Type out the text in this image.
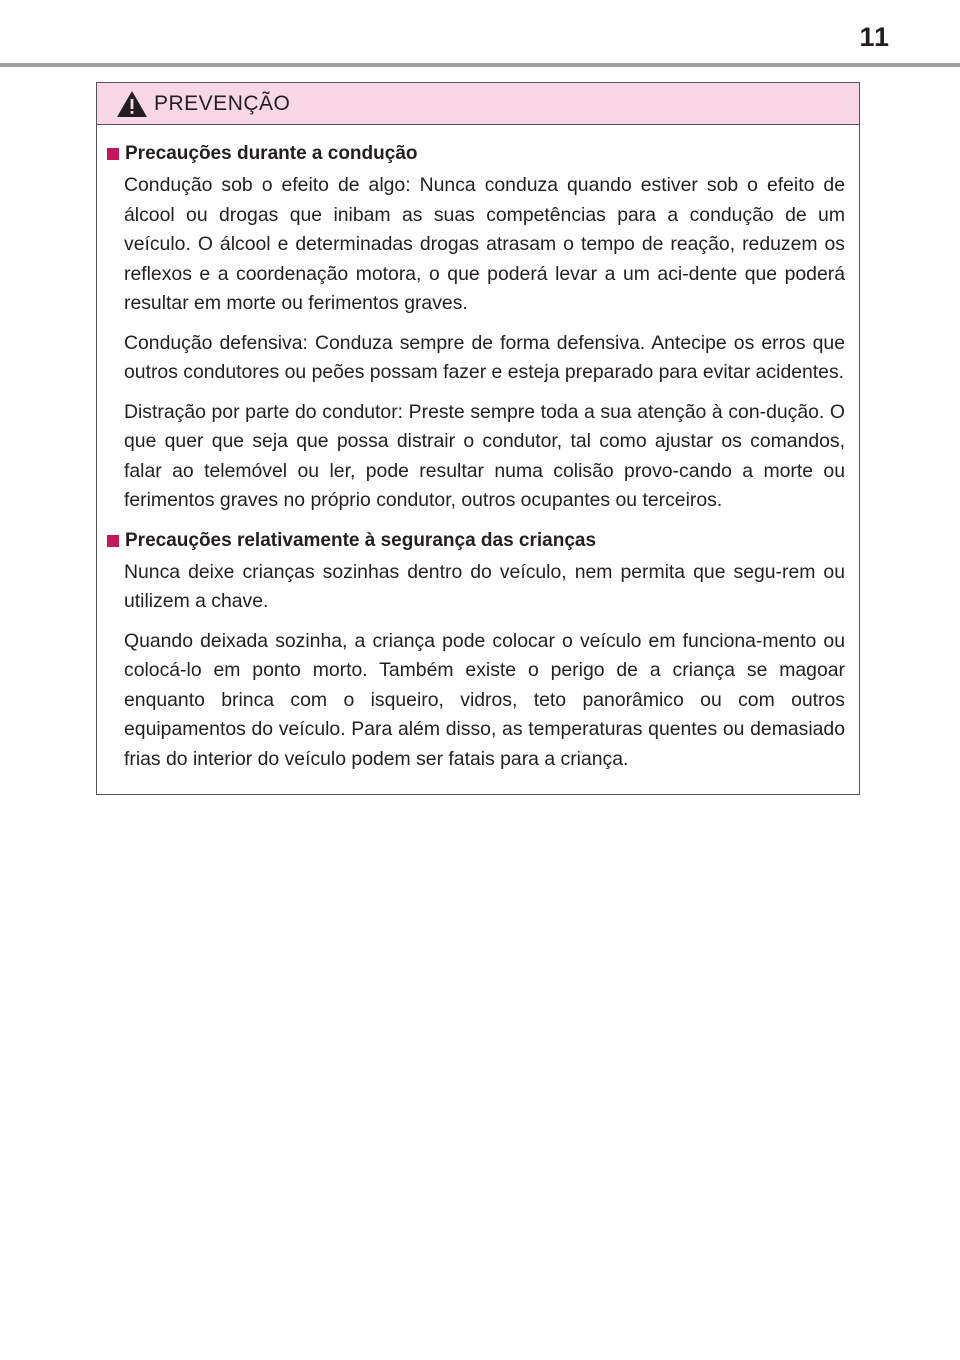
11
PREVENÇÃO
Precauções durante a condução

Condução sob o efeito de algo: Nunca conduza quando estiver sob o efeito de álcool ou drogas que inibam as suas competências para a condução de um veículo. O álcool e determinadas drogas atrasam o tempo de reação, reduzem os reflexos e a coordenação motora, o que poderá levar a um aci-dente que poderá resultar em morte ou ferimentos graves.

Condução defensiva: Conduza sempre de forma defensiva. Antecipe os erros que outros condutores ou peões possam fazer e esteja preparado para evitar acidentes.

Distração por parte do condutor: Preste sempre toda a sua atenção à con-dução. O que quer que seja que possa distrair o condutor, tal como ajustar os comandos, falar ao telemóvel ou ler, pode resultar numa colisão provo-cando a morte ou ferimentos graves no próprio condutor, outros ocupantes ou terceiros.

Precauções relativamente à segurança das crianças

Nunca deixe crianças sozinhas dentro do veículo, nem permita que segu-rem ou utilizem a chave.

Quando deixada sozinha, a criança pode colocar o veículo em funciona-mento ou colocá-lo em ponto morto. Também existe o perigo de a criança se magoar enquanto brinca com o isqueiro, vidros, teto panorâmico ou com outros equipamentos do veículo. Para além disso, as temperaturas quentes ou demasiado frias do interior do veículo podem ser fatais para a criança.
